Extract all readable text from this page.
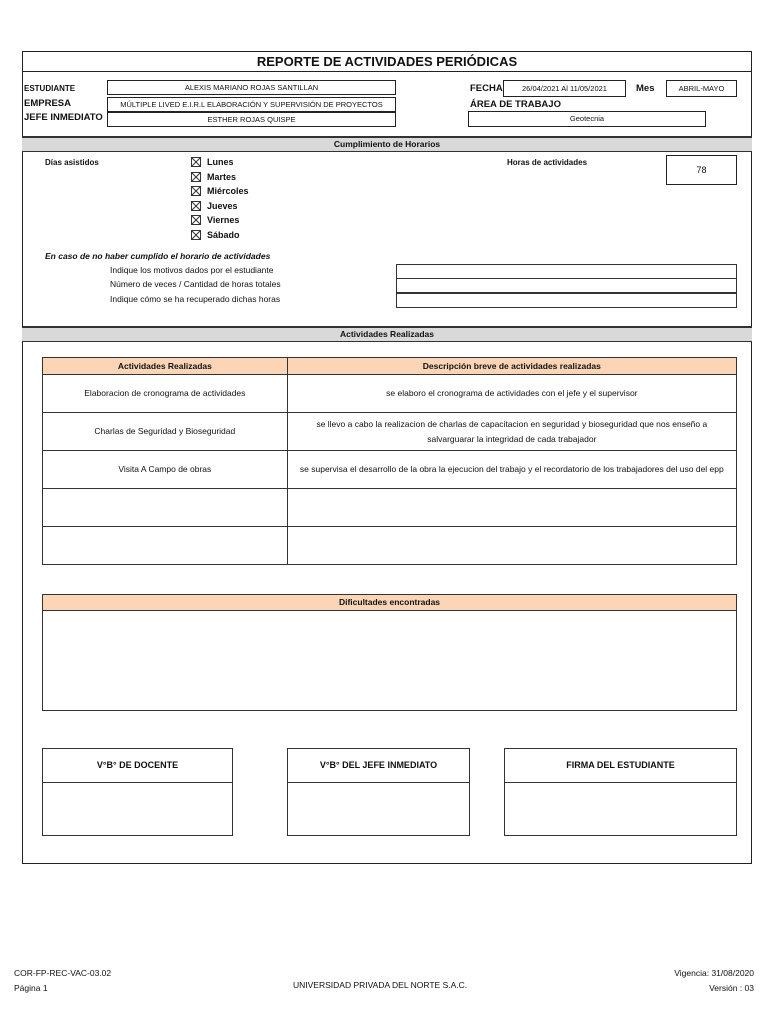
REPORTE DE ACTIVIDADES PERIÓDICAS
ESTUDIANTE	ALEXIS MARIANO ROJAS SANTILLAN
EMPRESA	MÚLTIPLE LIVED E.I.R.L ELABORACIÓN Y SUPERVISIÓN DE PROYECTOS
JEFE INMEDIATO	ESTHER ROJAS QUISPE
FECHA	26/04/2021 Al 11/05/2021	Mes	ABRIL-MAYO
ÁREA DE TRABAJO
Geotecnia
Cumplimiento de Horarios
Días asistidos	Lunes
Martes
Miércoles
Jueves
Viernes
Sábado
Horas de actividades
78
En caso de no haber cumplido el horario de actividades
Indique los motivos dados por el estudiante
Número de veces / Cantidad de horas totales
Indique cómo se ha recuperado dichas horas
Actividades Realizadas
Actividades Realizadas	Descripción breve de actividades realizadas
Elaboracion de cronograma de actividades	se elaboro el cronograma de actividades con el jefe y el supervisor
Charlas de Seguridad y Bioseguridad	se llevo a cabo la realizacion de charlas de capacitacion en seguridad y bioseguridad que nos enseño a salvarguarar la integridad de cada trabajador
Visita A Campo de obras	se supervisa el desarrollo de la obra la ejecucion del trabajo y el recordatorio de los trabajadores del uso del epp

Dificultades encontradas
V°B° DE DOCENTE	V°B° DEL JEFE INMEDIATO	FIRMA DEL ESTUDIANTE
COR-FP-REC-VAC-03.02
Página 1	UNIVERSIDAD PRIVADA DEL NORTE S.A.C.
Vigencia: 31/08/2020
Versión : 03
